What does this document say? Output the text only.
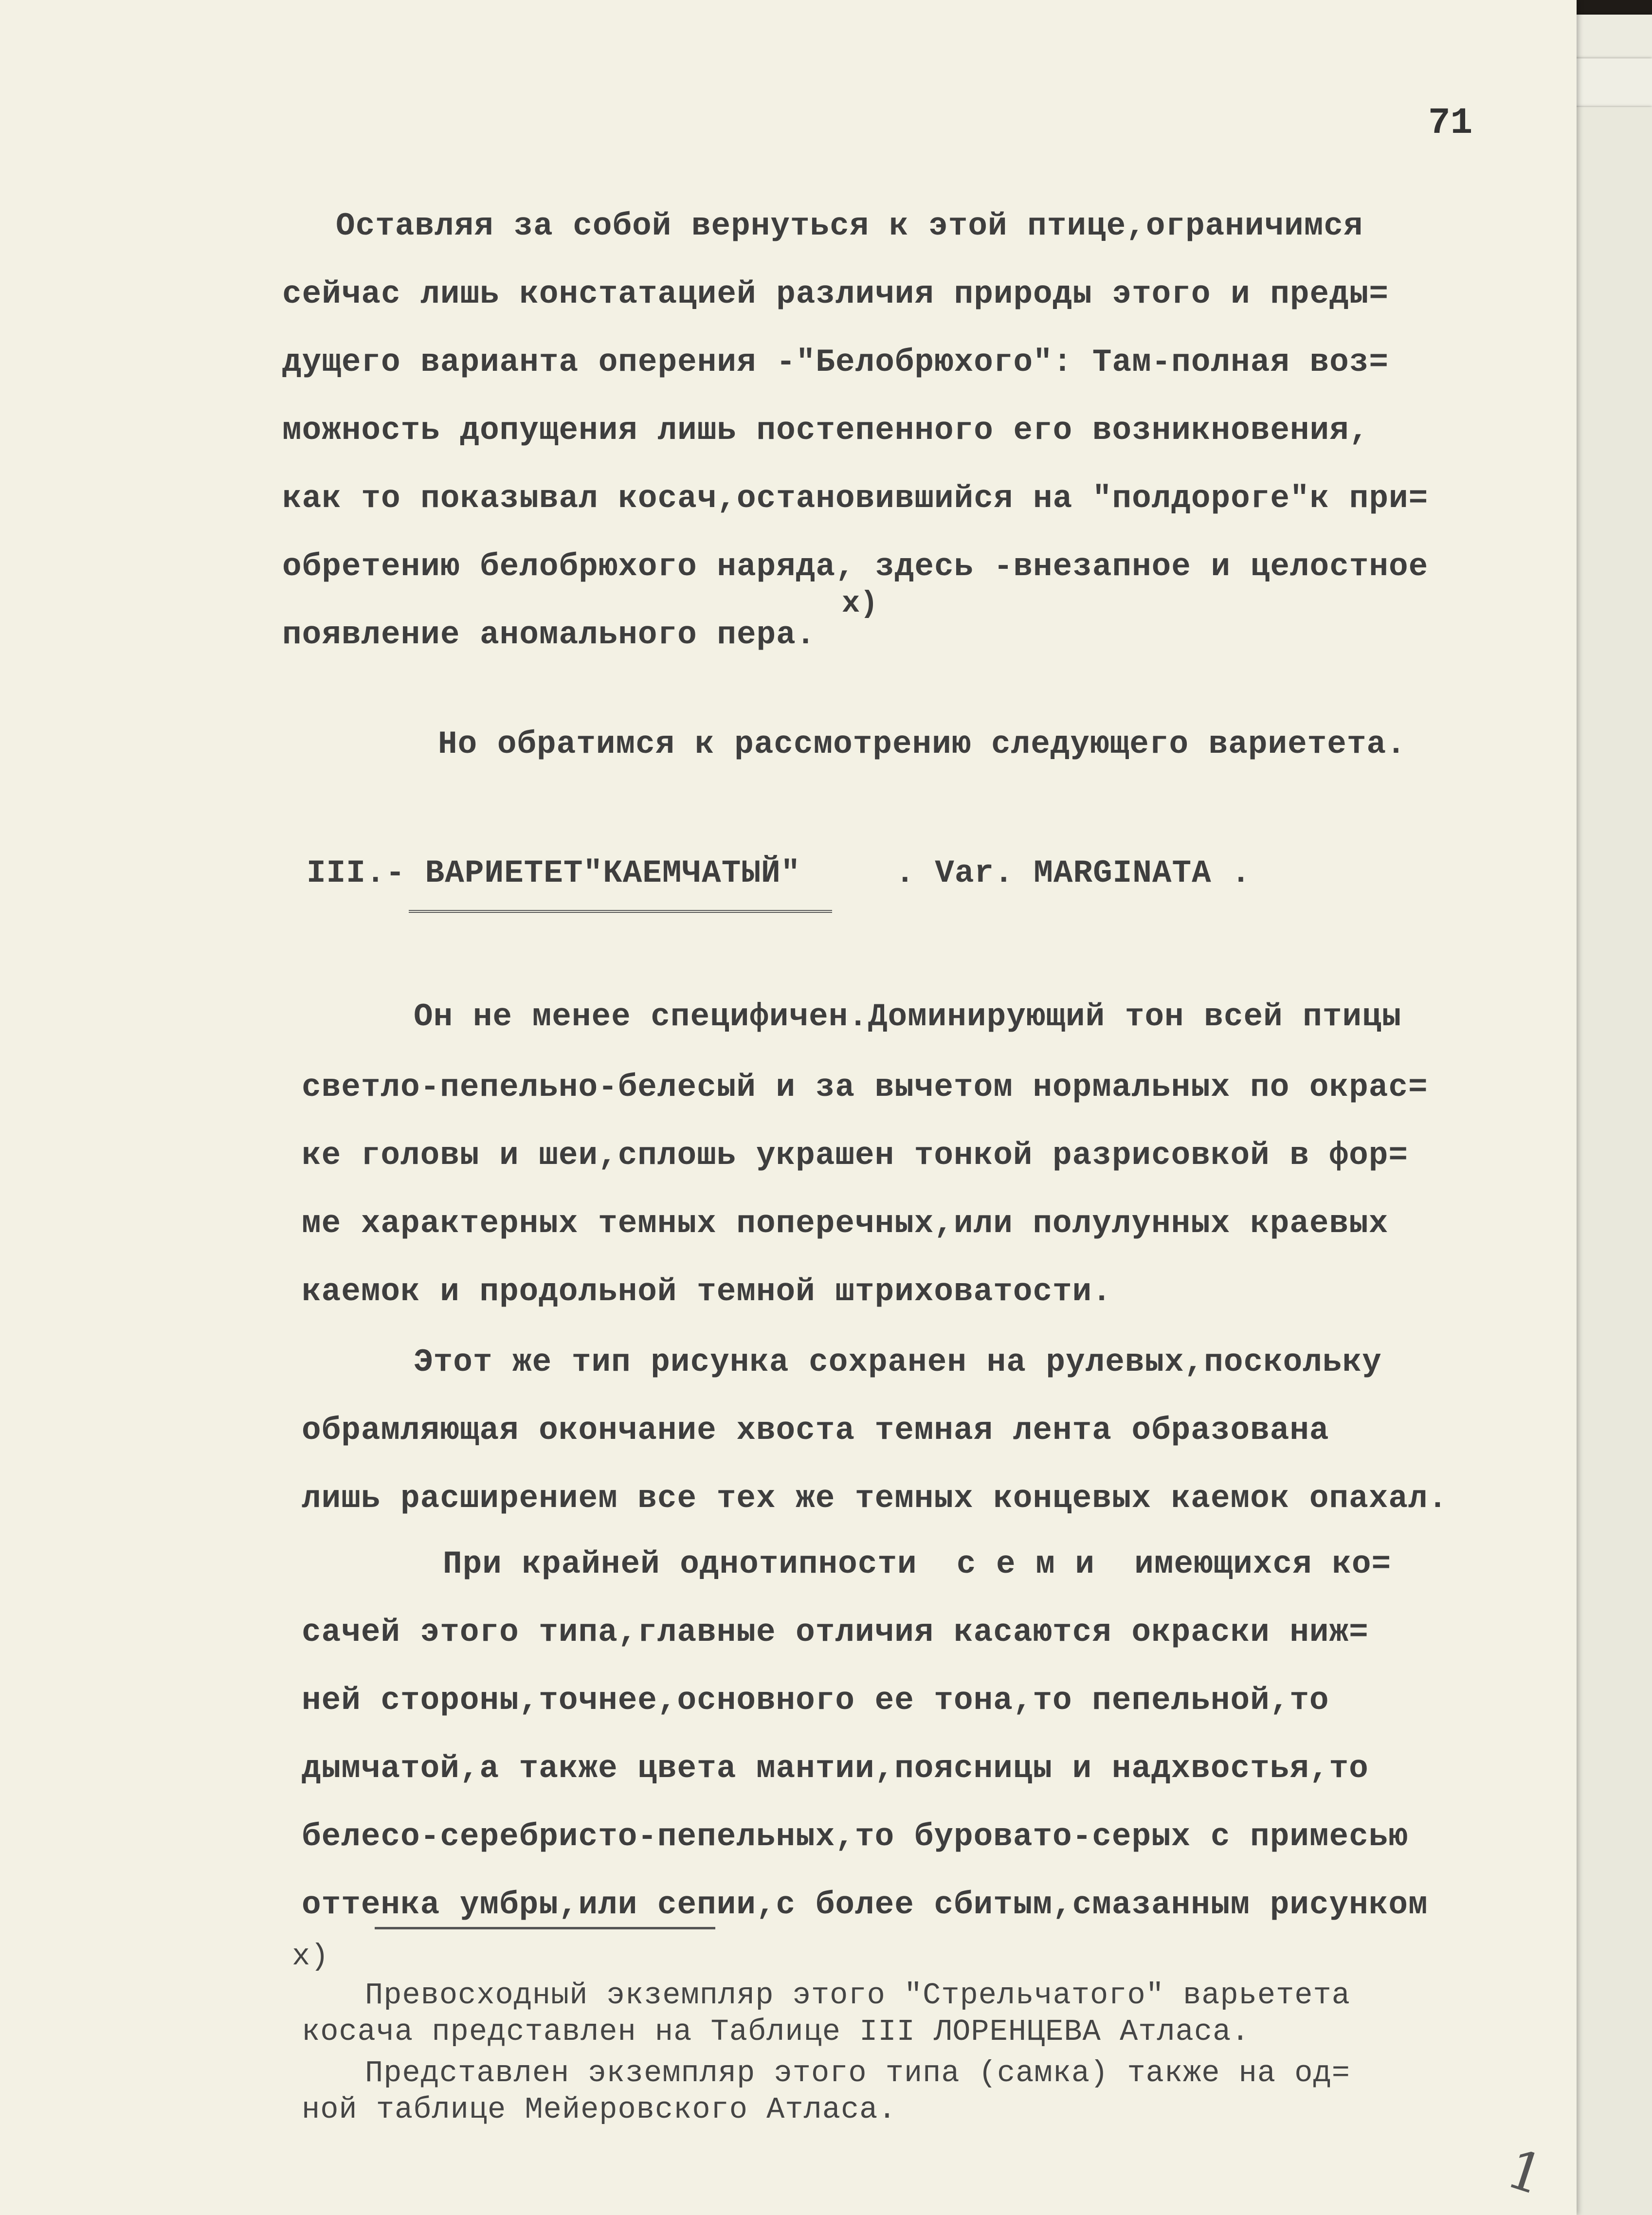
71
Оставляя за собой вернуться к этой птице,ограничимся
сейчас лишь констатацией различия природы этого и преды=
дущего варианта оперения -"Белобрюхого": Там-полная воз=
можность допущения лишь постепенного его возникновения,
как то показывал косач,остановившийся на "полдороге"к при=
обретению белобрюхого наряда, здесь -внезапное и целостное
появление аномального пера.
x)
Но обратимся к рассмотрению следующего вариетета.
III.- ВАРИЕТЕТ"КАЕМЧАТЫЙ"	. Var. MARGINATA .
Он не менее специфичен.Доминирующий тон всей птицы
светло-пепельно-белесый и за вычетом нормальных по окрас=
ке головы и шеи,сплошь украшен тонкой разрисовкой в фор=
ме характерных темных поперечных,или полулунных краевых
каемок и продольной темной штриховатости.
Этот же тип рисунка сохранен на рулевых,поскольку
обрамляющая окончание хвоста темная лента образована
лишь расширением все тех же темных концевых каемок опахал.
При крайней однотипности  с е м и  имеющихся ко=
сачей этого типа,главные отличия касаются окраски ниж=
ней стороны,точнее,основного ее тона,то пепельной,то
дымчатой,а также цвета мантии,поясницы и надхвостья,то
белесо-серебристо-пепельных,то буровато-серых с примесью
оттенка умбры,или сепии,с более сбитым,смазанным рисунком
x)
Превосходный экземпляр этого "Стрельчатого" варьетета
косача представлен на Таблице III ЛОРЕНЦЕВА Атласа.
Представлен экземпляр этого типа (самка) также на од=
ной таблице Мейеровского Атласа.
1
